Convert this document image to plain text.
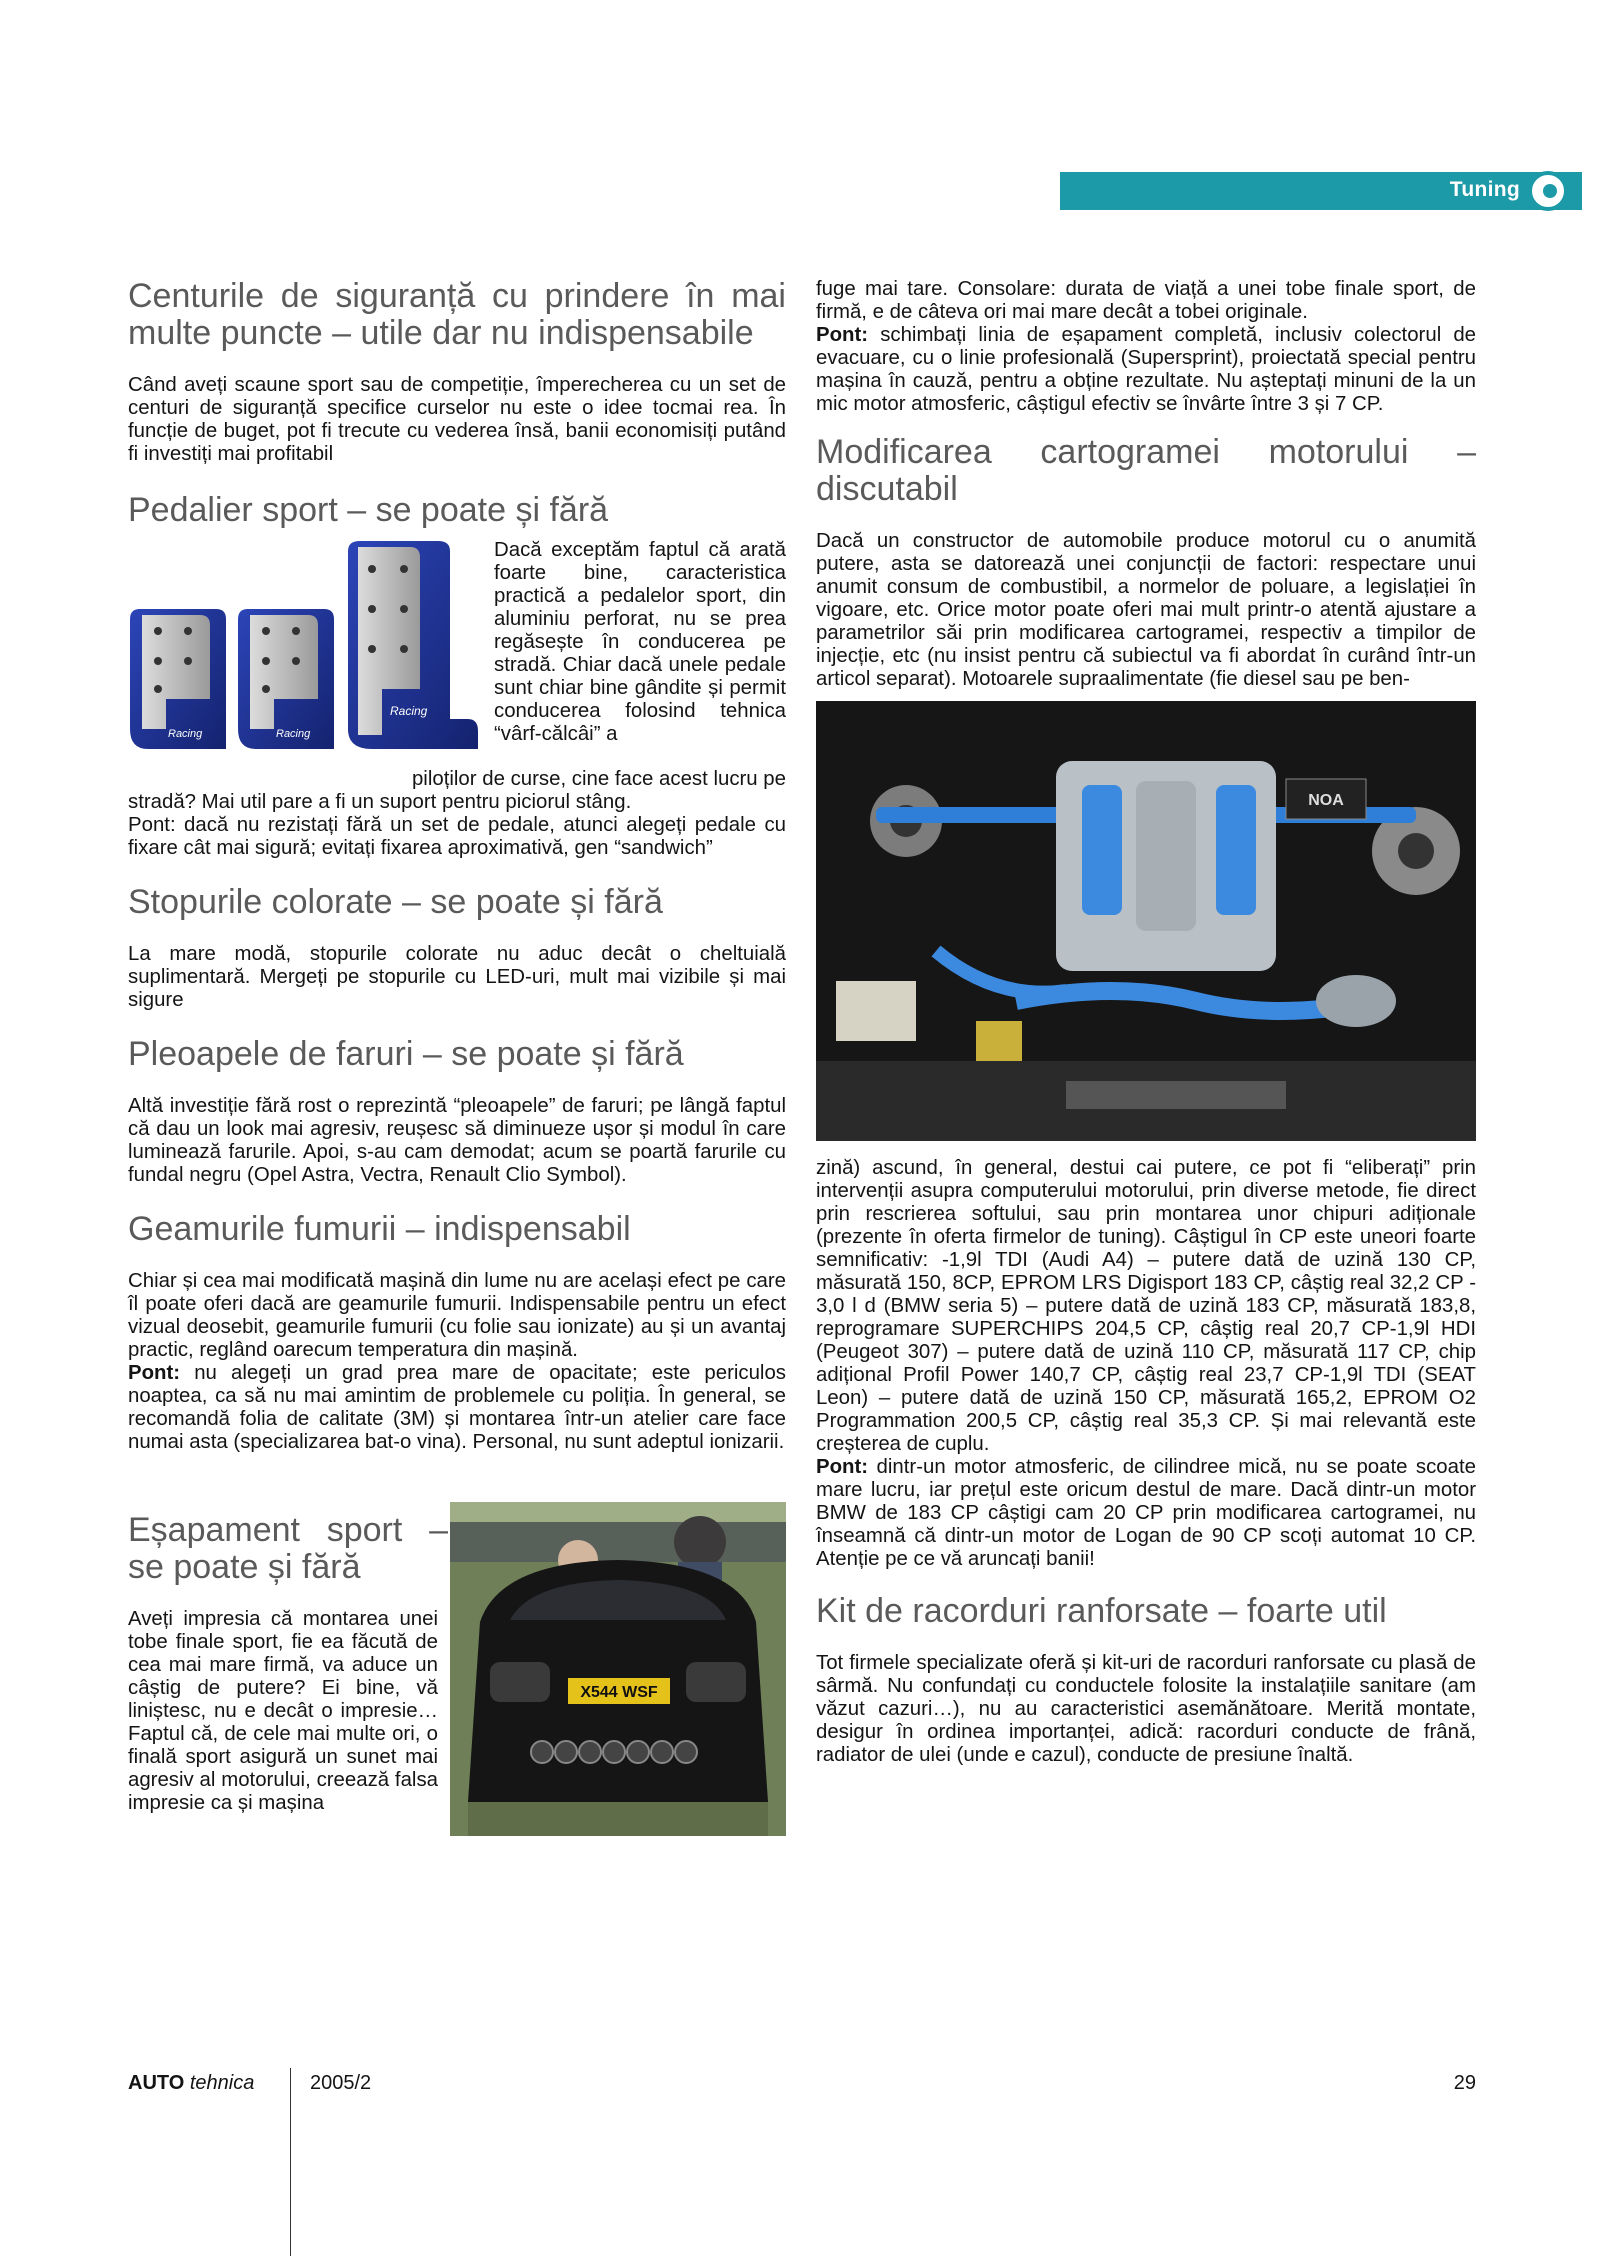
Tuning
Centurile de siguranță cu prindere în mai multe puncte – utile dar nu indispensabile

Când aveți scaune sport sau de competiție, împerecherea cu un set de centuri de siguranță specifice curselor nu este o idee tocmai rea. În funcție de buget, pot fi trecute cu vederea însă, banii economisiți putând fi investiți mai profitabil

Pedalier sport – se poate și fără
Racing	Racing
Racing

Dacă exceptăm faptul că arată foarte bine, caracteristica practică a pedalelor sport, din aluminiu perforat, nu se prea regăsește în conducerea pe stradă. Chiar dacă unele pedale sunt chiar bine gândite și permit conducerea folosind tehnica “vârf-călcâi” a

piloților de curse, cine face acest lucru pe

stradă? Mai util pare a fi un suport pentru piciorul stâng.

Pont: dacă nu rezistați fără un set de pedale, atunci alegeți pedale cu fixare cât mai sigură; evitați fixarea aproximativă, gen “sandwich”

Stopurile colorate – se poate și fără

La mare modă, stopurile colorate nu aduc decât o cheltuială suplimentară. Mergeți pe stopurile cu LED-uri, mult mai vizibile și mai sigure

Pleoapele de faruri – se poate și fără

Altă investiție fără rost o reprezintă “pleoapele” de faruri; pe lângă faptul că dau un look mai agresiv, reușesc să diminueze ușor și modul în care luminează farurile. Apoi, s-au cam demodat; acum se poartă farurile cu fundal negru (Opel Astra, Vectra, Renault Clio Symbol).

Geamurile fumurii – indispensabil

Chiar și cea mai modificată mașină din lume nu are același efect pe care îl poate oferi dacă are geamurile fumurii. Indispensabile pentru un efect vizual deosebit, geamurile fumurii (cu folie sau ionizate) au și un avantaj practic, reglând oarecum temperatura din mașină.

Pont: nu alegeți un grad prea mare de opacitate; este periculos noaptea, ca să nu mai amintim de problemele cu poliția. În general, se recomandă folia de calitate (3M) și montarea într-un atelier care face numai asta (specializarea bat-o vina). Personal, nu sunt adeptul ionizarii.

X544 WSF
Eșapament sport – se poate și fără

Aveți impresia că montarea unei tobe finale sport, fie ea făcută de cea mai mare firmă, va aduce un câștig de putere? Ei bine, vă liniștesc, nu e decât o impresie… Faptul că, de cele mai multe ori, o finală sport asigură un sunet mai agresiv al motorului, creează falsa impresie ca și mașina

fuge mai tare. Consolare: durata de viață a unei tobe finale sport, de firmă, e de câteva ori mai mare decât a tobei originale.

Pont: schimbați linia de eșapament completă, inclusiv colectorul de evacuare, cu o linie profesională (Supersprint), proiectată special pentru mașina în cauză, pentru a obține rezultate. Nu așteptați minuni de la un mic motor atmosferic, câștigul efectiv se învârte între 3 și 7 CP.

Modificarea cartogramei motorului – discutabil

Dacă un constructor de automobile produce motorul cu o anumită putere, asta se datorează unei conjuncții de factori: respectare unui anumit consum de combustibil, a normelor de poluare, a legislației în vigoare, etc. Orice motor poate oferi mai mult printr-o atentă ajustare a parametrilor săi prin modificarea cartogramei, respectiv a timpilor de injecție, etc (nu insist pentru că subiectul va fi abordat în curând într-un articol separat). Motoarele supraalimentate (fie diesel sau pe ben-

NOA

zină) ascund, în general, destui cai putere, ce pot fi “eliberați” prin intervenții asupra computerului motorului, prin diverse metode, fie direct prin rescrierea softului, sau prin montarea unor chipuri adiționale (prezente în oferta firmelor de tuning). Câștigul în CP este uneori foarte semnificativ: -1,9l TDI (Audi A4) – putere dată de uzină 130 CP, măsurată 150, 8CP, EPROM LRS Digisport 183 CP, câștig real 32,2 CP - 3,0 l d (BMW seria 5) – putere dată de uzină 183 CP, măsurată 183,8, reprogramare SUPERCHIPS 204,5 CP, câștig real 20,7 CP-1,9l HDI (Peugeot 307) – putere dată de uzină 110 CP, măsurată 117 CP, chip adițional Profil Power 140,7 CP, câștig real 23,7 CP-1,9l TDI (SEAT Leon) – putere dată de uzină 150 CP, măsurată 165,2, EPROM O2 Programmation 200,5 CP, câștig real 35,3 CP. Și mai relevantă este creșterea de cuplu.

Pont: dintr-un motor atmosferic, de cilindree mică, nu se poate scoate mare lucru, iar prețul este oricum destul de mare. Dacă dintr-un motor BMW de 183 CP câștigi cam 20 CP prin modificarea cartogramei, nu înseamnă că dintr-un motor de Logan de 90 CP scoți automat 10 CP. Atenție pe ce vă aruncați banii!

Kit de racorduri ranforsate – foarte util

Tot firmele specializate oferă și kit-uri de racorduri ranforsate cu plasă de sârmă. Nu confundați cu conductele folosite la instalațiile sanitare (am văzut cazuri…), nu au caracteristici asemănătoare. Merită montate, desigur în ordinea importanței, adică: racorduri conducte de frână, radiator de ulei (unde e cazul), conducte de presiune înaltă.

AUTO tehnica	2005/2	29
